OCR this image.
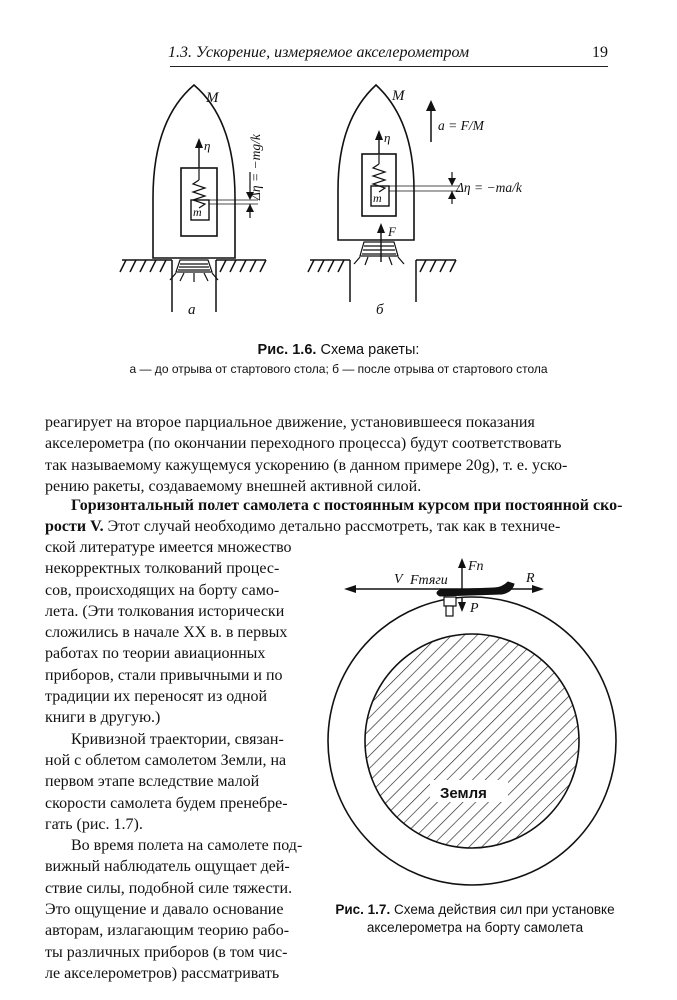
1.3. Ускорение, измеряемое акселерометром	19
M
η
m
Δη = −mg/k
а
M
η
m
F
a = F/M
Δη = −ma/k
б
Рис. 1.6. Схема ракеты:
а — до отрыва от стартового стола; б — после отрыва от стартового стола
реагирует на второе парциальное движение, установившееся показания
акселерометра (по окончании переходного процесса) будут соответствовать
так называемому кажущемуся ускорению (в данном примере 20g), т. е. уско-
рению ракеты, создаваемому внешней активной силой.
Горизонтальный полет самолета с постоянным курсом при постоянной ско-
рости V. Этот случай необходимо детально рассмотреть, так как в техниче-
ской литературе имеется множество
некорректных толкований процес-
сов, происходящих на борту само-
лета. (Эти толкования исторически
сложились в начале XX в. в первых
работах по теории авиационных
приборов, стали привычными и по
традиции их переносят из одной
книги в другую.)
Кривизной траектории, связан-
ной с облетом самолетом Земли, на
первом этапе вследствие малой
скорости самолета будем пренебре-
гать (рис. 1.7).
Во время полета на самолете под-
вижный наблюдатель ощущает дей-
ствие силы, подобной силе тяжести.
Это ощущение и давало основание
авторам, излагающим теорию рабо-
ты различных приборов (в том чис-
ле акселерометров) рассматривать
Земля
V Fтяги
Fп
R
P
Рис. 1.7. Схема действия сил при установке акселерометра на борту самолета
